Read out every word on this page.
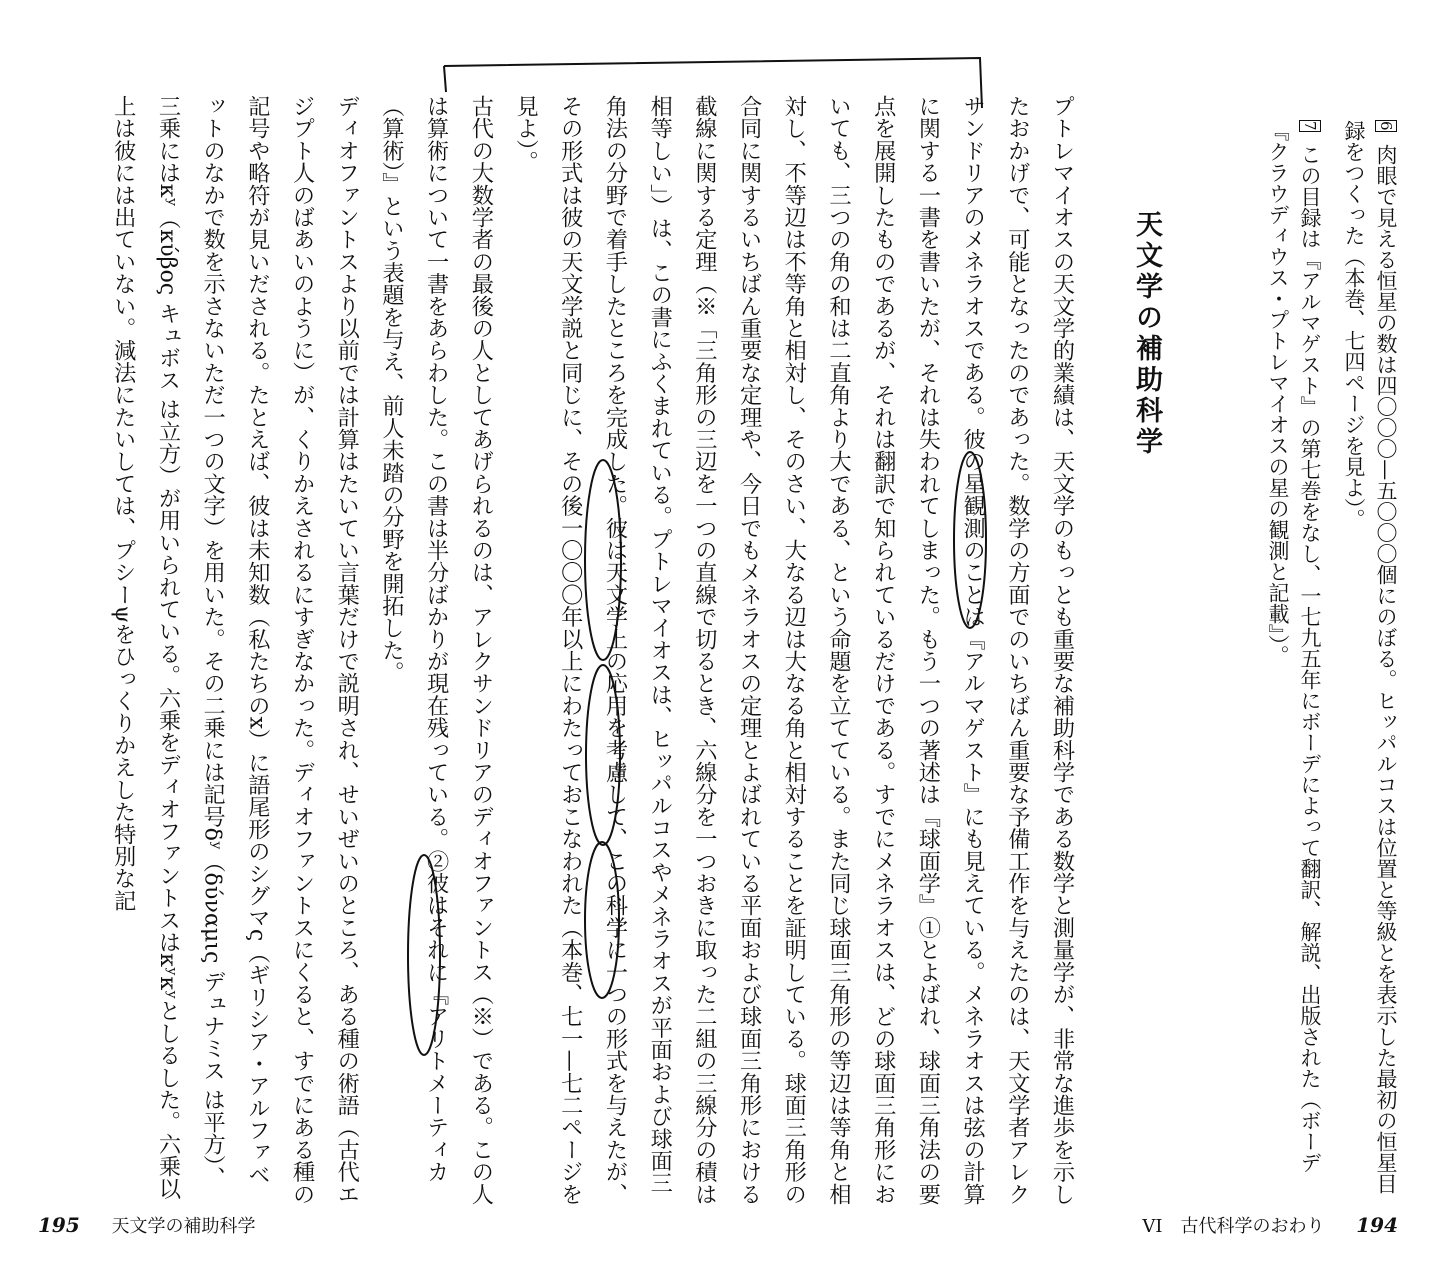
6 肉眼で見える恒星の数は四〇〇〇—五〇〇〇個にのぼる。ヒッパルコスは位置と等級とを表示した最初の恒星目録をつくった（本巻、七四ページを見よ）。
7 この目録は『アルマゲスト』の第七巻をなし、一七九五年にボーデによって翻訳、解説、出版された（ボーデ『クラウディウス・プトレマイオスの星の観測と記載』）。
天文学の補助科学

プトレマイオスの天文学的業績は、天文学のもっとも重要な補助科学である数学と測量学が、非常な進歩を示したおかげで、可能となったのであった。数学の方面でのいちばん重要な予備工作を与えたのは、天文学者アレクサンドリアのメネラオスである。彼の星観測のことは『アルマゲスト』にも見えている。メネラオスは弦の計算に関する一書を書いたが、それは失われてしまった。もう一つの著述は『球面学』①とよばれ、球面三角法の要点を展開したものであるが、それは翻訳で知られているだけである。すでにメネラオスは、どの球面三角形においても、三つの角の和は二直角より大である、という命題を立てている。また同じ球面三角形の等辺は等角と相対し、不等辺は不等角と相対し、そのさい、大なる辺は大なる角と相対することを証明している。球面三角形の合同に関するいちばん重要な定理や、今日でもメネラオスの定理とよばれている平面および球面三角形における截線に関する定理（※「三角形の三辺を一つの直線で切るとき、六線分を一つおきに取った二組の三線分の積は相等しい」）は、この書にふくまれている。プトレマイオスは、ヒッパルコスやメネラオスが平面および球面三角法の分野で着手したところを完成した。彼は天文学上の応用を考慮して、この科学に一つの形式を与えたが、その形式は彼の天文学説と同じに、その後一〇〇〇年以上にわたっておこなわれた（本巻、七一—七二ページを見よ）。

古代の大数学者の最後の人としてあげられるのは、アレクサンドリアのディオファントス（※）である。この人は算術について一書をあらわした。この書は半分ばかりが現在残っている。②彼はそれに『アリトメーティカ（算術）』という表題を与え、前人未踏の分野を開拓した。

ディオファントスより以前では計算はたいてい言葉だけで説明され、せいぜいのところ、ある種の術語（古代エジプト人のばあいのように）が、くりかえされるにすぎなかった。ディオファントスにくると、すでにある種の記号や略符が見いだされる。たとえば、彼は未知数（私たちのx）に語尾形のシグマς（ギリシア・アルファベットのなかで数を示さないただ一つの文字）を用いた。その二乗には記号δʸ（δύναμις デュナミス は平方）、三乗にはκʸ（κύβος キュボス は立方）が用いられている。六乗をディオファントスはκʸκʸとしるした。六乗以上は彼には出ていない。減法にたいしては、プシーψをひっくりかえした特別な記

195 天文学の補助科学	VI　古代科学のおわり 194
